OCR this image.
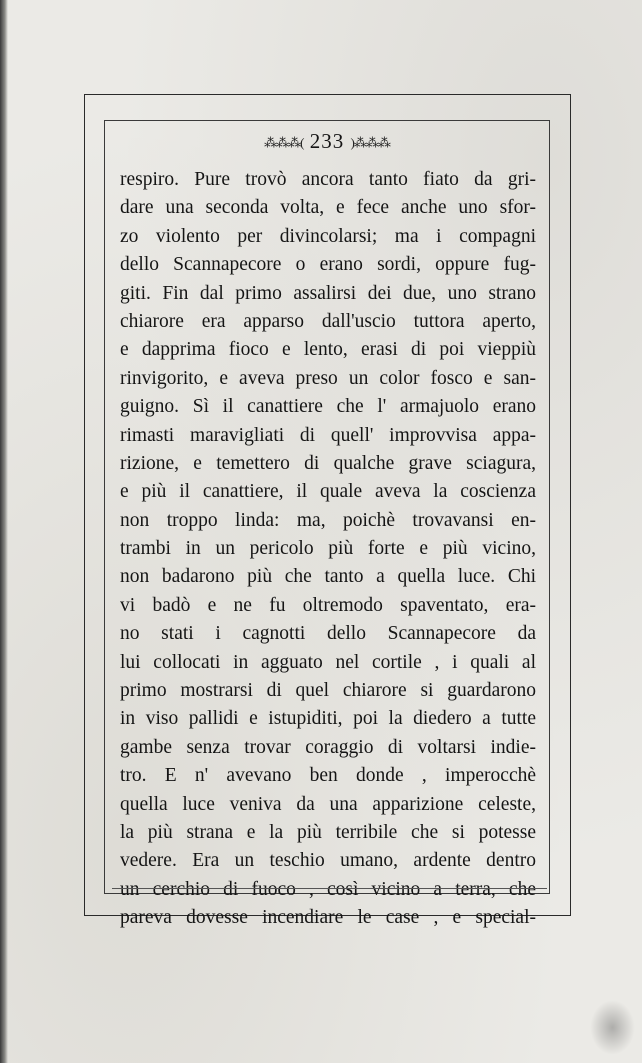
⁂⁂⁂( 233 )⁂⁂⁂
respiro. Pure trovò ancora tanto fiato da gri-
dare una seconda volta, e fece anche uno sfor-
zo violento per divincolarsi; ma i compagni
dello Scannapecore o erano sordi, oppure fug-
giti. Fin dal primo assalirsi dei due, uno strano
chiarore era apparso dall'uscio tuttora aperto,
e dapprima fioco e lento, erasi di poi vieppiù
rinvigorito, e aveva preso un color fosco e san-
guigno. Sì il canattiere che l' armajuolo erano
rimasti maravigliati di quell' improvvisa appa-
rizione, e temettero di qualche grave sciagura,
e più il canattiere, il quale aveva la coscienza
non troppo linda: ma, poichè trovavansi en-
trambi in un pericolo più forte e più vicino,
non badarono più che tanto a quella luce. Chi
vi badò e ne fu oltremodo spaventato, era-
no stati i cagnotti dello Scannapecore da
lui collocati in agguato nel cortile , i quali al
primo mostrarsi di quel chiarore si guardarono
in viso pallidi e istupiditi, poi la diedero a tutte
gambe senza trovar coraggio di voltarsi indie-
tro. E n' avevano ben donde , imperocchè
quella luce veniva da una apparizione celeste,
la più strana e la più terribile che si potesse
vedere. Era un teschio umano, ardente dentro
un cerchio di fuoco , così vicino a terra, che
pareva dovesse incendiare le case , e special-
